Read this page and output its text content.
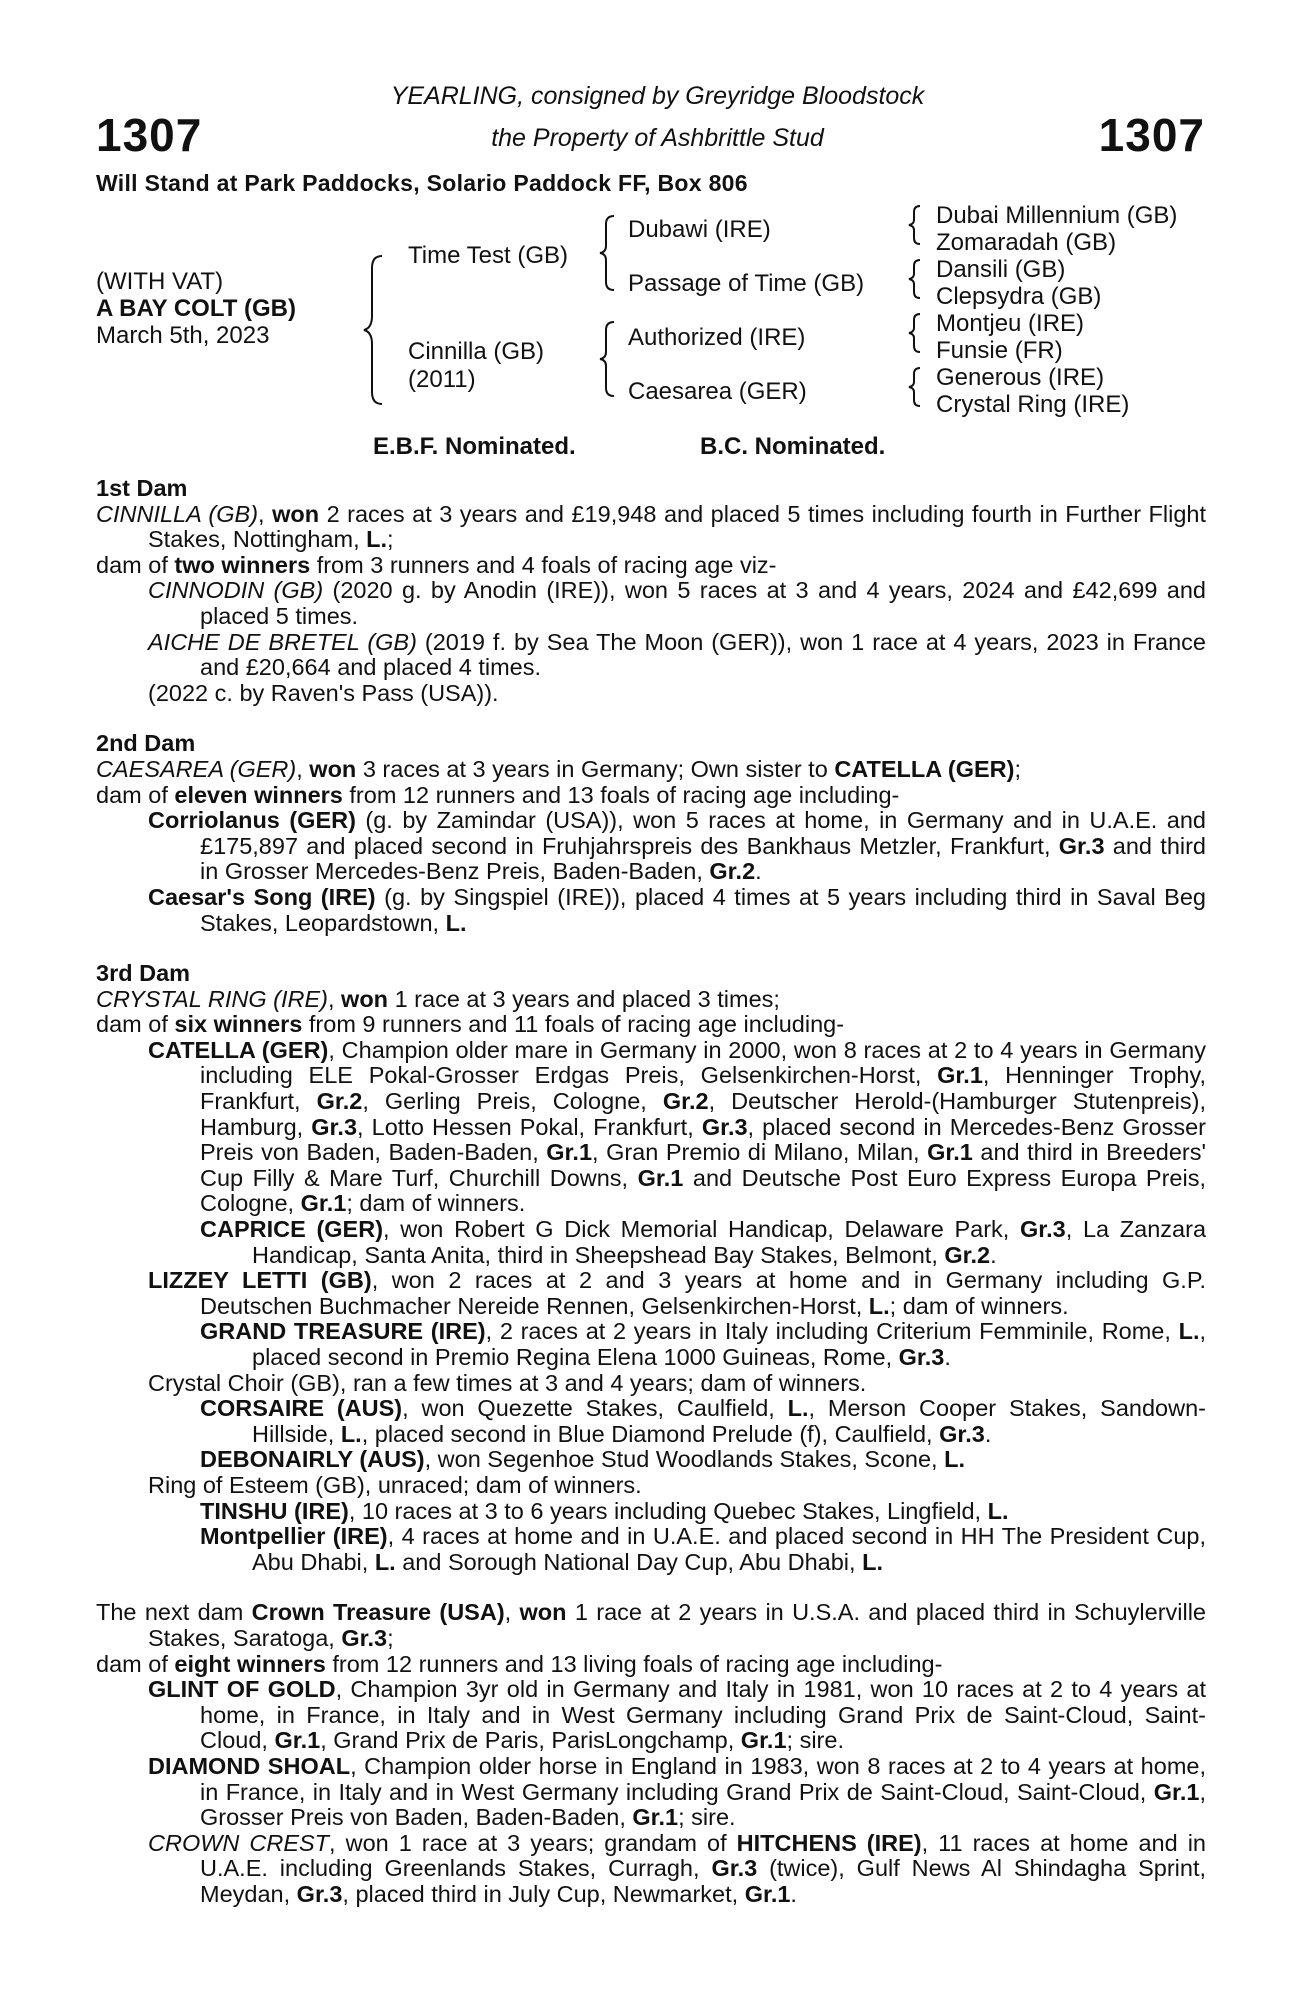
1307	1307
YEARLING, consigned by Greyridge Bloodstock
the Property of Ashbrittle Stud
Will Stand at Park Paddocks, Solario Paddock FF, Box 806
(WITH VAT)
A BAY COLT (GB)
March 5th, 2023
Time Test (GB)
Cinnilla (GB)
(2011)
Dubawi (IRE)
Passage of Time (GB)
Authorized (IRE)
Caesarea (GER)
Dubai Millennium (GB)
Zomaradah (GB)
Dansili (GB)
Clepsydra (GB)
Montjeu (IRE)
Funsie (FR)
Generous (IRE)
Crystal Ring (IRE)
E.B.F. Nominated.	B.C. Nominated.
1st Dam

CINNILLA (GB), won 2 races at 3 years and £19,948 and placed 5 times including fourth in Further Flight Stakes, Nottingham, L.;

dam of two winners from 3 runners and 4 foals of racing age viz-

CINNODIN (GB) (2020 g. by Anodin (IRE)), won 5 races at 3 and 4 years, 2024 and £42,699 and placed 5 times.

AICHE DE BRETEL (GB) (2019 f. by Sea The Moon (GER)), won 1 race at 4 years, 2023 in France and £20,664 and placed 4 times.

(2022 c. by Raven's Pass (USA)).

2nd Dam

CAESAREA (GER), won 3 races at 3 years in Germany; Own sister to CATELLA (GER);

dam of eleven winners from 12 runners and 13 foals of racing age including-

Corriolanus (GER) (g. by Zamindar (USA)), won 5 races at home, in Germany and in U.A.E. and £175,897 and placed second in Fruhjahrspreis des Bankhaus Metzler, Frankfurt, Gr.3 and third in Grosser Mercedes-Benz Preis, Baden-Baden, Gr.2.

Caesar's Song (IRE) (g. by Singspiel (IRE)), placed 4 times at 5 years including third in Saval Beg Stakes, Leopardstown, L.

3rd Dam

CRYSTAL RING (IRE), won 1 race at 3 years and placed 3 times;

dam of six winners from 9 runners and 11 foals of racing age including-

CATELLA (GER), Champion older mare in Germany in 2000, won 8 races at 2 to 4 years in Germany including ELE Pokal-Grosser Erdgas Preis, Gelsenkirchen-Horst, Gr.1, Henninger Trophy, Frankfurt, Gr.2, Gerling Preis, Cologne, Gr.2, Deutscher Herold-(Hamburger Stutenpreis), Hamburg, Gr.3, Lotto Hessen Pokal, Frankfurt, Gr.3, placed second in Mercedes-Benz Grosser Preis von Baden, Baden-Baden, Gr.1, Gran Premio di Milano, Milan, Gr.1 and third in Breeders' Cup Filly & Mare Turf, Churchill Downs, Gr.1 and Deutsche Post Euro Express Europa Preis, Cologne, Gr.1; dam of winners.

CAPRICE (GER), won Robert G Dick Memorial Handicap, Delaware Park, Gr.3, La Zanzara Handicap, Santa Anita, third in Sheepshead Bay Stakes, Belmont, Gr.2.

LIZZEY LETTI (GB), won 2 races at 2 and 3 years at home and in Germany including G.P. Deutschen Buchmacher Nereide Rennen, Gelsenkirchen-Horst, L.; dam of winners.

GRAND TREASURE (IRE), 2 races at 2 years in Italy including Criterium Femminile, Rome, L., placed second in Premio Regina Elena 1000 Guineas, Rome, Gr.3.

Crystal Choir (GB), ran a few times at 3 and 4 years; dam of winners.

CORSAIRE (AUS), won Quezette Stakes, Caulfield, L., Merson Cooper Stakes, Sandown-Hillside, L., placed second in Blue Diamond Prelude (f), Caulfield, Gr.3.

DEBONAIRLY (AUS), won Segenhoe Stud Woodlands Stakes, Scone, L.

Ring of Esteem (GB), unraced; dam of winners.

TINSHU (IRE), 10 races at 3 to 6 years including Quebec Stakes, Lingfield, L.

Montpellier (IRE), 4 races at home and in U.A.E. and placed second in HH The President Cup, Abu Dhabi, L. and Sorough National Day Cup, Abu Dhabi, L.

The next dam Crown Treasure (USA), won 1 race at 2 years in U.S.A. and placed third in Schuylerville Stakes, Saratoga, Gr.3;

dam of eight winners from 12 runners and 13 living foals of racing age including-

GLINT OF GOLD, Champion 3yr old in Germany and Italy in 1981, won 10 races at 2 to 4 years at home, in France, in Italy and in West Germany including Grand Prix de Saint-Cloud, Saint-Cloud, Gr.1, Grand Prix de Paris, ParisLongchamp, Gr.1; sire.

DIAMOND SHOAL, Champion older horse in England in 1983, won 8 races at 2 to 4 years at home, in France, in Italy and in West Germany including Grand Prix de Saint-Cloud, Saint-Cloud, Gr.1, Grosser Preis von Baden, Baden-Baden, Gr.1; sire.

CROWN CREST, won 1 race at 3 years; grandam of HITCHENS (IRE), 11 races at home and in U.A.E. including Greenlands Stakes, Curragh, Gr.3 (twice), Gulf News Al Shindagha Sprint, Meydan, Gr.3, placed third in July Cup, Newmarket, Gr.1.
